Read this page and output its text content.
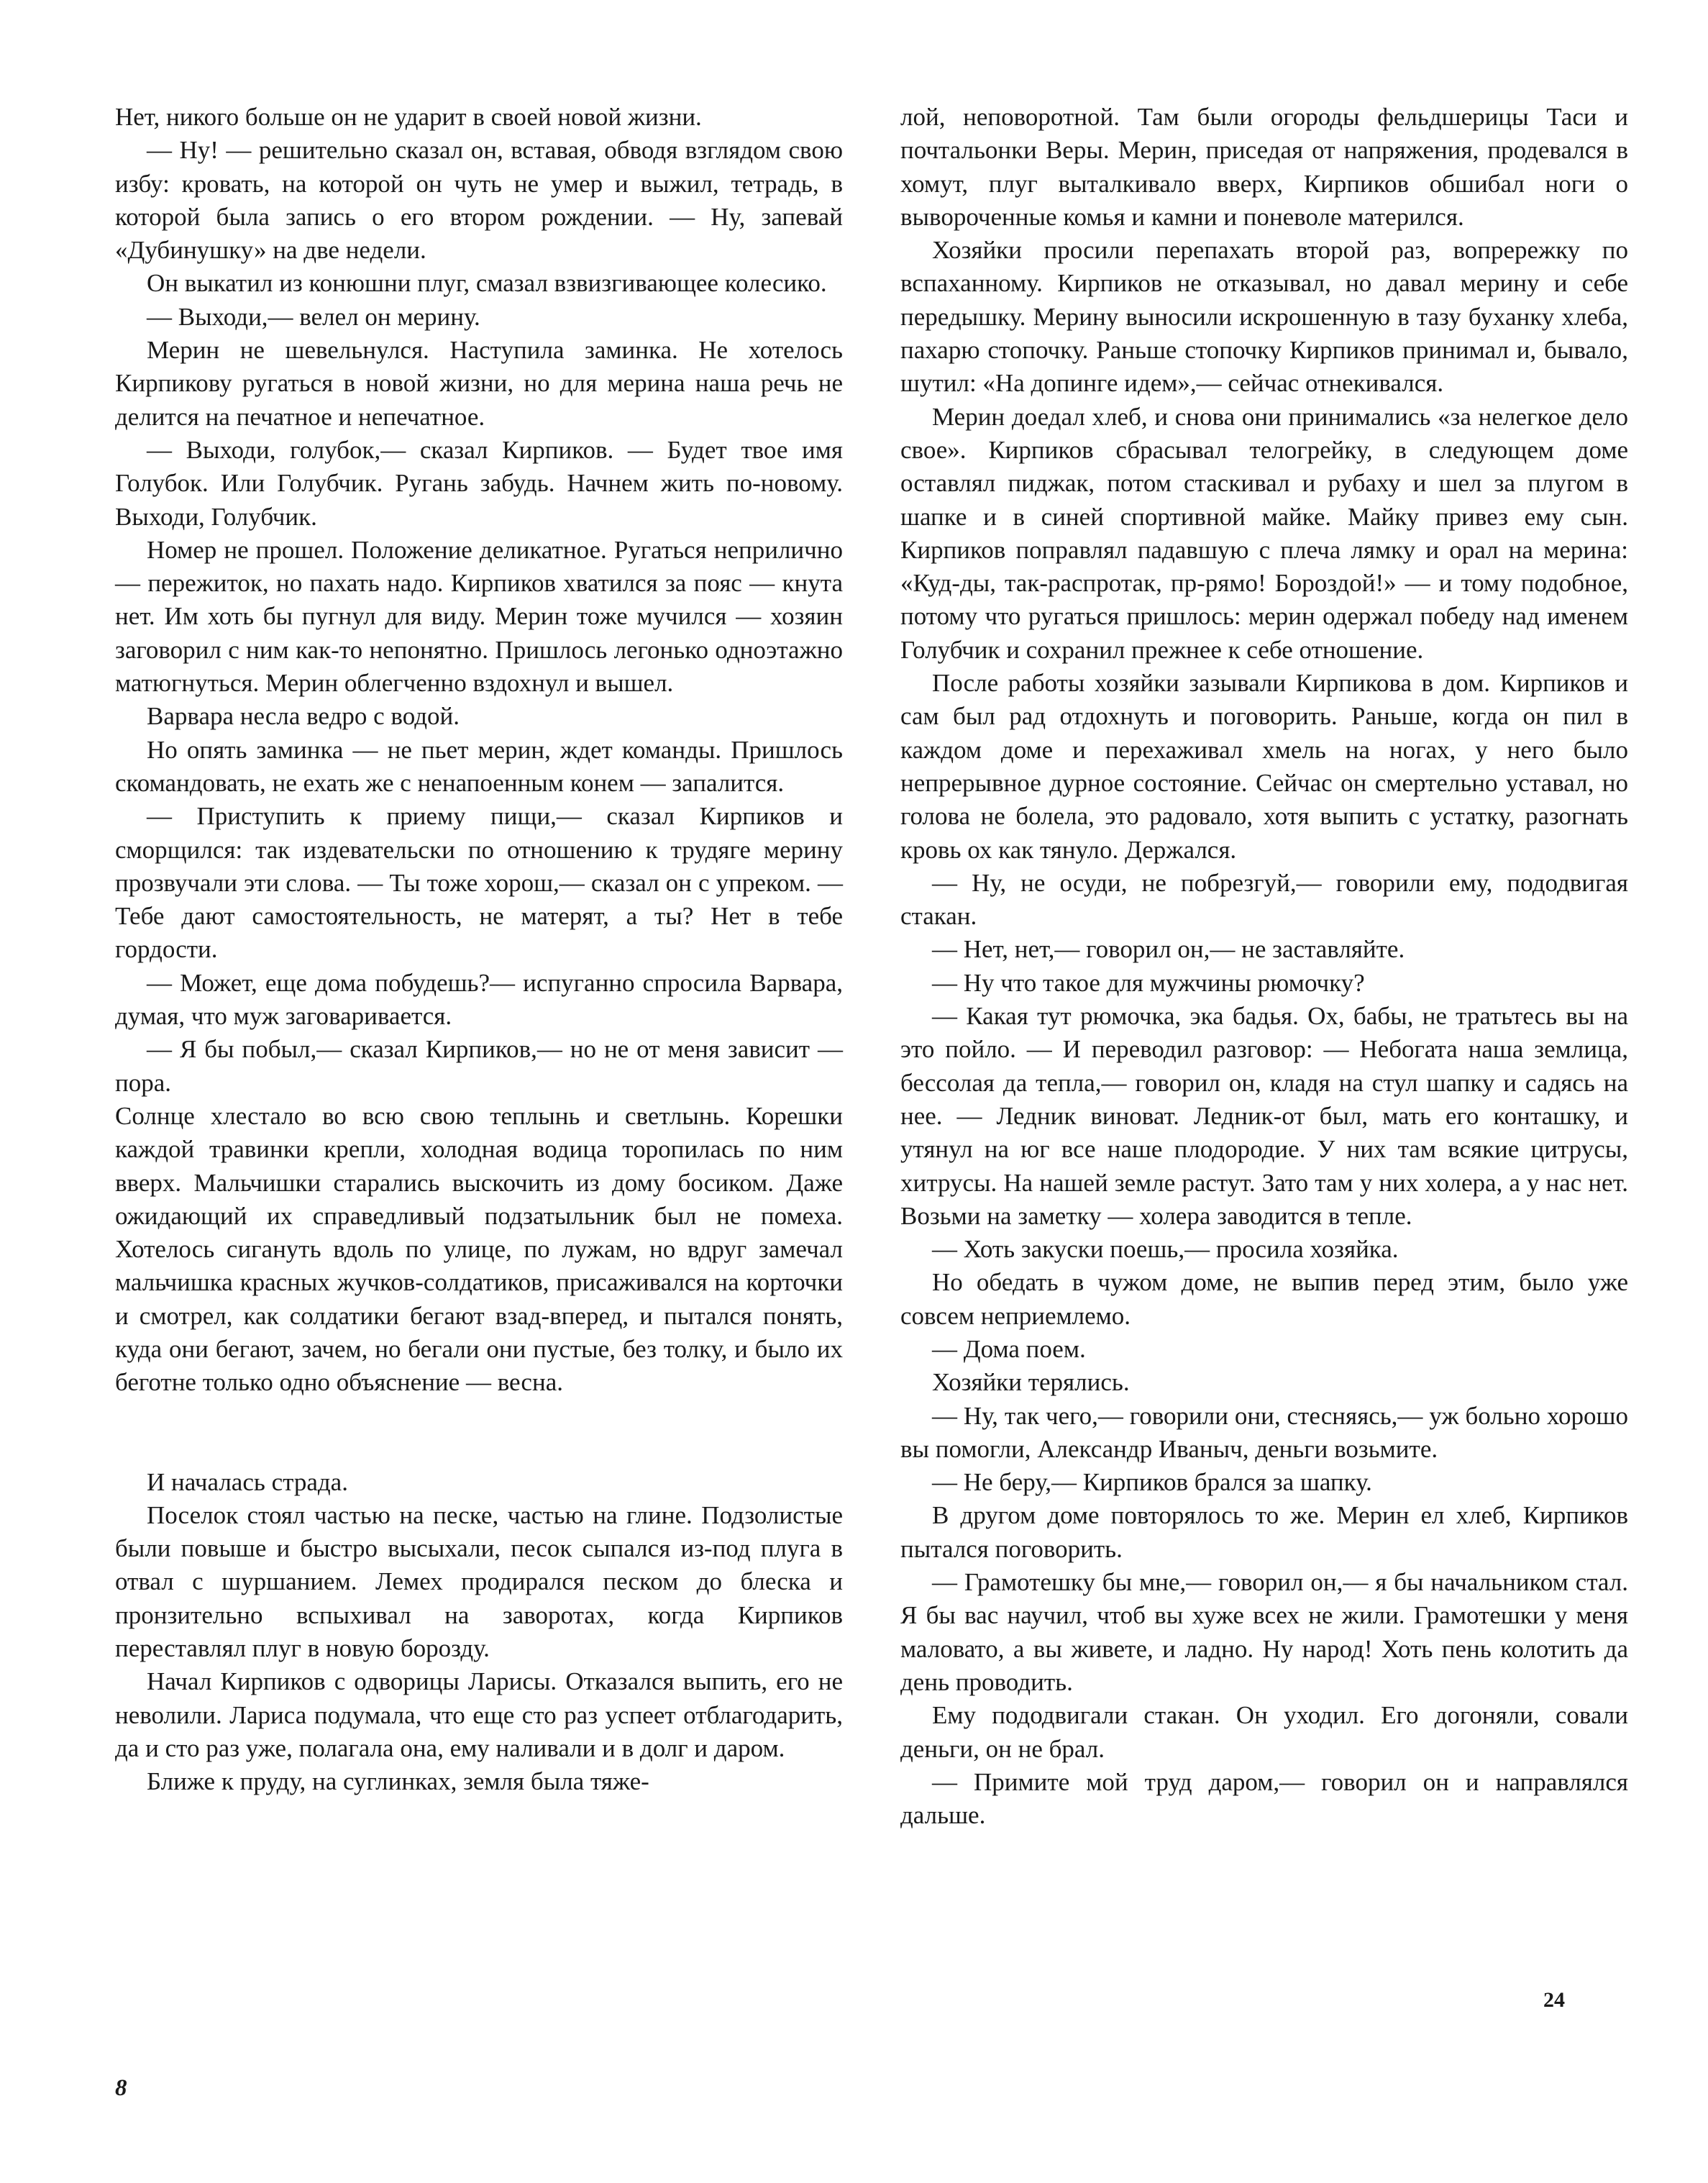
Нет, никого больше он не ударит в своей новой жизни.

— Ну! — решительно сказал он, вставая, обводя взглядом свою избу: кровать, на которой он чуть не умер и выжил, тетрадь, в которой была запись о его втором рождении. — Ну, запевай «Дубинушку» на две недели.

Он выкатил из конюшни плуг, смазал взвизгивающее колесико.

— Выходи,— велел он мерину.

Мерин не шевельнулся. Наступила заминка. Не хотелось Кирпикову ругаться в новой жизни, но для мерина наша речь не делится на печатное и непечатное.

— Выходи, голубок,— сказал Кирпиков. — Будет твое имя Голубок. Или Голубчик. Ругань забудь. Начнем жить по-новому. Выходи, Голубчик.

Номер не прошел. Положение деликатное. Ругаться неприлично — пережиток, но пахать надо. Кирпиков хватился за пояс — кнута нет. Им хоть бы пугнул для виду. Мерин тоже мучился — хозяин заговорил с ним как-то непонятно. Пришлось легонько одноэтажно матюгнуться. Мерин облегченно вздохнул и вышел.

Варвара несла ведро с водой.

Но опять заминка — не пьет мерин, ждет команды. Пришлось скомандовать, не ехать же с ненапоенным конем — запалится.

— Приступить к приему пищи,— сказал Кирпиков и сморщился: так издевательски по отношению к трудяге мерину прозвучали эти слова. — Ты тоже хорош,— сказал он с упреком. — Тебе дают самостоятельность, не матерят, а ты? Нет в тебе гордости.

— Может, еще дома побудешь?— испуганно спросила Варвара, думая, что муж заговаривается.

— Я бы побыл,— сказал Кирпиков,— но не от меня зависит — пора.

Солнце хлестало во всю свою теплынь и светлынь. Корешки каждой травинки крепли, холодная водица торопилась по ним вверх. Мальчишки старались выскочить из дому босиком. Даже ожидающий их справедливый подзатыльник был не помеха. Хотелось сигануть вдоль по улице, по лужам, но вдруг замечал мальчишка красных жучков-солдатиков, присаживался на корточки и смотрел, как солдатики бегают взад-вперед, и пытался понять, куда они бегают, зачем, но бегали они пустые, без толку, и было их беготне только одно объяснение — весна.

И началась страда.

Поселок стоял частью на песке, частью на глине. Подзолистые были повыше и быстро высыхали, песок сыпался из-под плуга в отвал с шуршанием. Лемех продирался песком до блеска и пронзительно вспыхивал на заворотах, когда Кирпиков переставлял плуг в новую борозду.

Начал Кирпиков с одворицы Ларисы. Отказался выпить, его не неволили. Лариса подумала, что еще сто раз успеет отблагодарить, да и сто раз уже, полагала она, ему наливали и в долг и даром.

Ближе к пруду, на суглинках, земля была тяже-

лой, неповоротной. Там были огороды фельдшерицы Таси и почтальонки Веры. Мерин, приседая от напряжения, продевался в хомут, плуг выталкивало вверх, Кирпиков обшибал ноги о вывороченные комья и камни и поневоле матерился.

Хозяйки просили перепахать второй раз, вопрережку по вспаханному. Кирпиков не отказывал, но давал мерину и себе передышку. Мерину выносили искрошенную в тазу буханку хлеба, пахарю стопочку. Раньше стопочку Кирпиков принимал и, бывало, шутил: «На допинге идем»,— сейчас отнекивался.

Мерин доедал хлеб, и снова они принимались «за нелегкое дело свое». Кирпиков сбрасывал телогрейку, в следующем доме оставлял пиджак, потом стаскивал и рубаху и шел за плугом в шапке и в синей спортивной майке. Майку привез ему сын. Кирпиков поправлял падавшую с плеча лямку и орал на мерина: «Куд-ды, так-распротак, пр-рямо! Бороздой!» — и тому подобное, потому что ругаться пришлось: мерин одержал победу над именем Голубчик и сохранил прежнее к себе отношение.

После работы хозяйки зазывали Кирпикова в дом. Кирпиков и сам был рад отдохнуть и поговорить. Раньше, когда он пил в каждом доме и перехаживал хмель на ногах, у него было непрерывное дурное состояние. Сейчас он смертельно уставал, но голова не болела, это радовало, хотя выпить с устатку, разогнать кровь ох как тянуло. Держался.

— Ну, не осуди, не побрезгуй,— говорили ему, пододвигая стакан.

— Нет, нет,— говорил он,— не заставляйте.

— Ну что такое для мужчины рюмочку?

— Какая тут рюмочка, эка бадья. Ох, бабы, не тратьтесь вы на это пойло. — И переводил разговор: — Небогата наша землица, бессолая да тепла,— говорил он, кладя на стул шапку и садясь на нее. — Ледник виноват. Ледник-от был, мать его конташку, и утянул на юг все наше плодородие. У них там всякие цитрусы, хитрусы. На нашей земле растут. Зато там у них холера, а у нас нет. Возьми на заметку — холера заводится в тепле.

— Хоть закуски поешь,— просила хозяйка.

Но обедать в чужом доме, не выпив перед этим, было уже совсем неприемлемо.

— Дома поем.

Хозяйки терялись.

— Ну, так чего,— говорили они, стесняясь,— уж больно хорошо вы помогли, Александр Иваныч, деньги возьмите.

— Не беру,— Кирпиков брался за шапку.

В другом доме повторялось то же. Мерин ел хлеб, Кирпиков пытался поговорить.

— Грамотешку бы мне,— говорил он,— я бы начальником стал. Я бы вас научил, чтоб вы хуже всех не жили. Грамотешки у меня маловато, а вы живете, и ладно. Ну народ! Хоть пень колотить да день проводить.

Ему пододвигали стакан. Он уходил. Его догоняли, совали деньги, он не брал.

— Примите мой труд даром,— говорил он и направлялся дальше.

24
8
